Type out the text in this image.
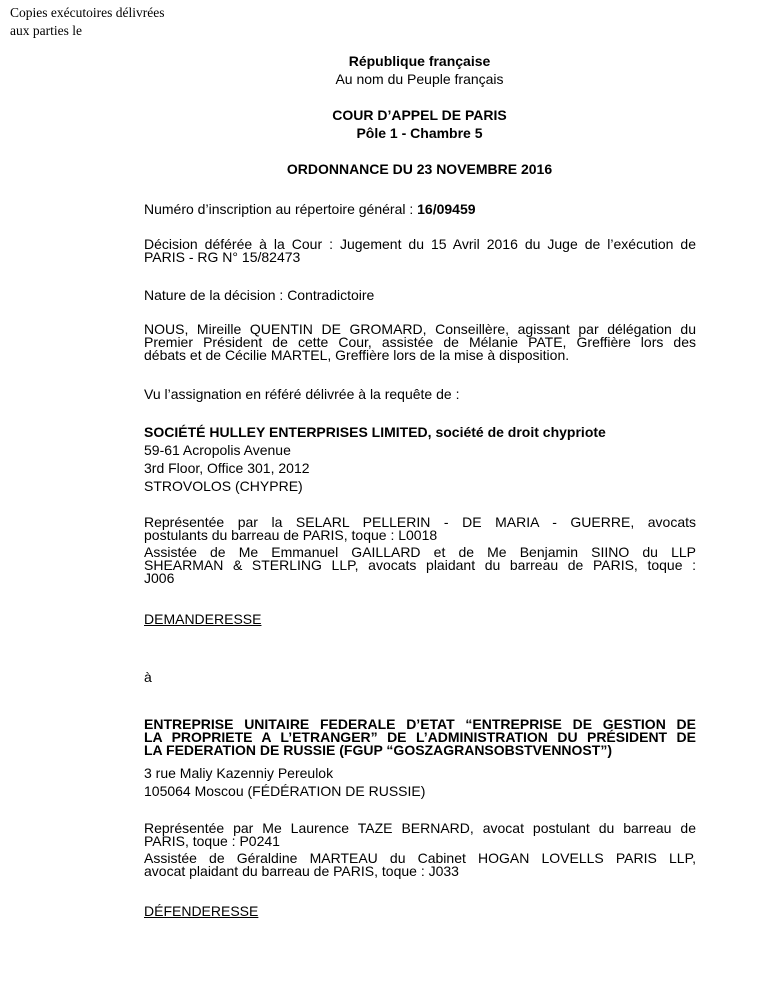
Copies exécutoires délivrées
aux parties le
République française
Au nom du Peuple français
COUR D’APPEL DE PARIS
Pôle 1 - Chambre 5
ORDONNANCE DU 23 NOVEMBRE 2016
Numéro d’inscription au répertoire général : 16/09459
Décision déférée à la Cour : Jugement du 15 Avril 2016 du Juge de l’exécution de
PARIS - RG N° 15/82473
Nature de la décision : Contradictoire
NOUS, Mireille QUENTIN DE GROMARD, Conseillère, agissant par délégation du
Premier Président de cette Cour, assistée de Mélanie PATE, Greffière lors des
débats et de Cécilie MARTEL, Greffière lors de la mise à disposition.
Vu l’assignation en référé délivrée à la requête de :
SOCIÉTÉ HULLEY ENTERPRISES LIMITED, société de droit chypriote
59-61 Acropolis Avenue
3rd Floor, Office 301, 2012
STROVOLOS (CHYPRE)
Représentée par la SELARL PELLERIN - DE MARIA - GUERRE, avocats
postulants du barreau de PARIS, toque : L0018
Assistée de Me Emmanuel GAILLARD et de Me Benjamin SIINO du LLP
SHEARMAN & STERLING LLP, avocats plaidant du barreau de PARIS, toque :
J006
DEMANDERESSE
à
ENTREPRISE UNITAIRE FEDERALE D’ETAT “ENTREPRISE DE GESTION DE
LA PROPRIETE A L’ETRANGER” DE L’ADMINISTRATION DU PRÉSIDENT DE
LA FEDERATION DE RUSSIE (FGUP “GOSZAGRANSOBSTVENNOST”)
3 rue Maliy Kazenniy Pereulok
105064 Moscou (FÉDÉRATION DE RUSSIE)
Représentée par Me Laurence TAZE BERNARD, avocat postulant du barreau de
PARIS, toque : P0241
Assistée de Géraldine MARTEAU du Cabinet HOGAN LOVELLS PARIS LLP,
avocat plaidant du barreau de PARIS, toque : J033
DÉFENDERESSE
